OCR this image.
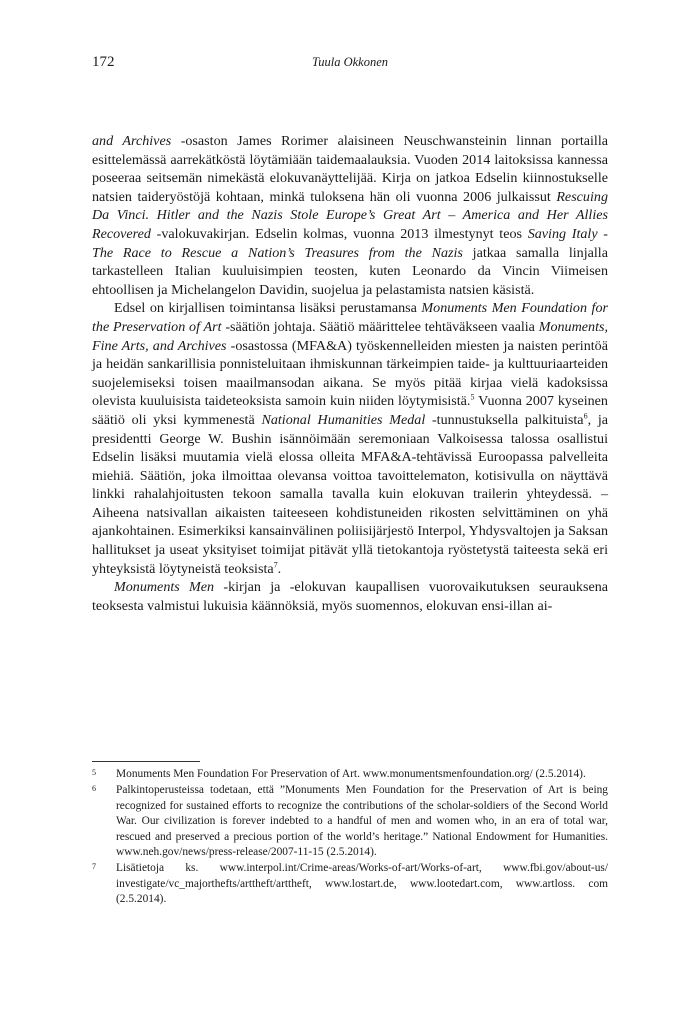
172	Tuula Okkonen

and Archives -osaston James Rorimer alaisineen Neuschwansteinin linnan portailla esittelemässä aarrekätköstä löytämiään taidemaalauksia. Vuoden 2014 laitoksissa kannessa poseeraa seitsemän nimekästä elokuvanäyttelijää. Kirja on jatkoa Edselin kiinnostukselle natsien taideryöstöjä kohtaan, minkä tuloksena hän oli vuonna 2006 julkaissut Rescuing Da Vinci. Hitler and the Nazis Stole Europe’s Great Art – America and Her Allies Recovered -valokuvakirjan. Edselin kolmas, vuonna 2013 ilmestynyt teos Saving Italy - The Race to Rescue a Nation’s Treasures from the Nazis jatkaa samalla linjalla tarkastelleen Italian kuuluisimpien teosten, kuten Leonardo da Vincin Viimeisen ehtoollisen ja Michelangelon Davidin, suojelua ja pelastamista natsien käsistä.

Edsel on kirjallisen toimintansa lisäksi perustamansa Monuments Men Foundation for the Preservation of Art -säätiön johtaja. Säätiö määrittelee tehtäväkseen vaalia Monuments, Fine Arts, and Archives -osastossa (MFA&A) työskennelleiden miesten ja naisten perintöä ja heidän sankarillisia ponnisteluitaan ihmiskunnan tärkeimpien taide- ja kulttuuriaarteiden suojelemiseksi toisen maailmansodan aikana. Se myös pitää kirjaa vielä kadoksissa olevista kuuluisista taideteoksista samoin kuin niiden löytymisistä.$^5$ Vuonna 2007 kyseinen säätiö oli yksi kymmenestä National Humanities Medal -tunnustuksella palkituista$^6$, ja presidentti George W. Bushin isännöimään seremoniaan Valkoisessa talossa osallistui Edselin lisäksi muutamia vielä elossa olleita MFA&A-tehtävissä Euroopassa palvelleita miehiä. Säätiön, joka ilmoittaa olevansa voittoa tavoittelematon, kotisivulla on näyttävä linkki rahalahjoitusten tekoon samalla tavalla kuin elokuvan trailerin yhteydessä. – Aiheena natsivallan aikaisten taiteeseen kohdistuneiden rikosten selvittäminen on yhä ajankohtainen. Esimerkiksi kansainvälinen poliisijärjestö Interpol, Yhdysvaltojen ja Saksan hallitukset ja useat yksityiset toimijat pitävät yllä tietokantoja ryöstetystä taiteesta sekä eri yhteyksistä löytyneistä teoksista$^7$.

Monuments Men -kirjan ja -elokuvan kaupallisen vuorovaikutuksen seurauksena teoksesta valmistui lukuisia käännöksiä, myös suomennos, elokuvan ensi-illan ai-

5 Monuments Men Foundation For Preservation of Art. www.monumentsmenfoundation.org/ (2.5.2014).
6 Palkintoperusteissa todetaan, että ”Monuments Men Foundation for the Preservation of Art is being recognized for sustained efforts to recognize the contributions of the scholar-soldiers of the Second World War. Our civilization is forever indebted to a handful of men and women who, in an era of total war, rescued and preserved a precious portion of the world’s heritage.” National Endowment for Humanities. www.neh.gov/news/press-release/2007-11-15 (2.5.2014).
7 Lisätietoja ks. www.interpol.int/Crime-areas/Works-of-art/Works-of-art, www.fbi.gov/about-us/ investigate/vc_majorthefts/arttheft/arttheft, www.lostart.de, www.lootedart.com, www.artloss. com (2.5.2014).
